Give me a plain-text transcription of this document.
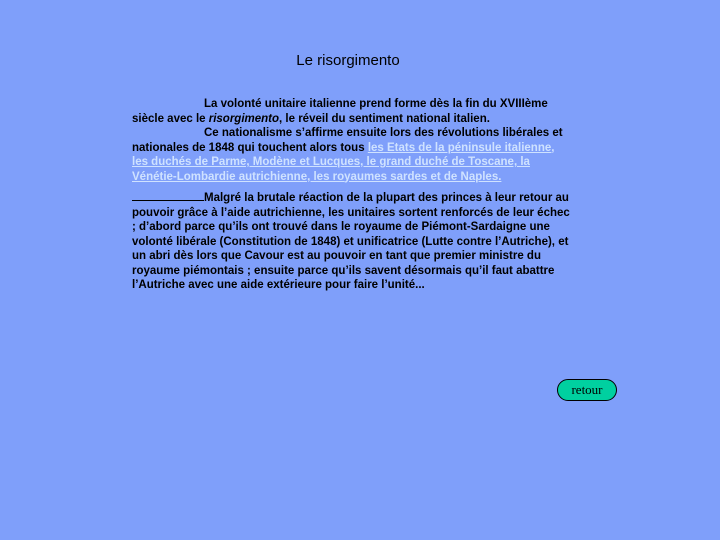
Le risorgimento

La volonté unitaire italienne prend forme dès la fin du XVIIIème siècle avec le risorgimento, le réveil du sentiment national italien.
Ce nationalisme s’affirme ensuite lors des révolutions libérales et nationales de 1848 qui touchent alors tous les Etats de la péninsule italienne, les duchés de Parme, Modène et Lucques, le grand duché de Toscane, la Vénétie-Lombardie autrichienne, les royaumes sardes et de Naples.

Malgré la brutale réaction de la plupart des princes à leur retour au pouvoir grâce à l’aide autrichienne, les unitaires sortent renforcés de leur échec ; d’abord parce qu’ils ont trouvé dans le royaume de Piémont-Sardaigne une volonté libérale (Constitution de 1848) et unificatrice (Lutte contre l’Autriche), et un abri dès lors que Cavour est au pouvoir en tant que premier ministre du royaume piémontais ; ensuite parce qu’ils savent désormais qu’il faut abattre l’Autriche avec une aide extérieure pour faire l’unité...

retour
